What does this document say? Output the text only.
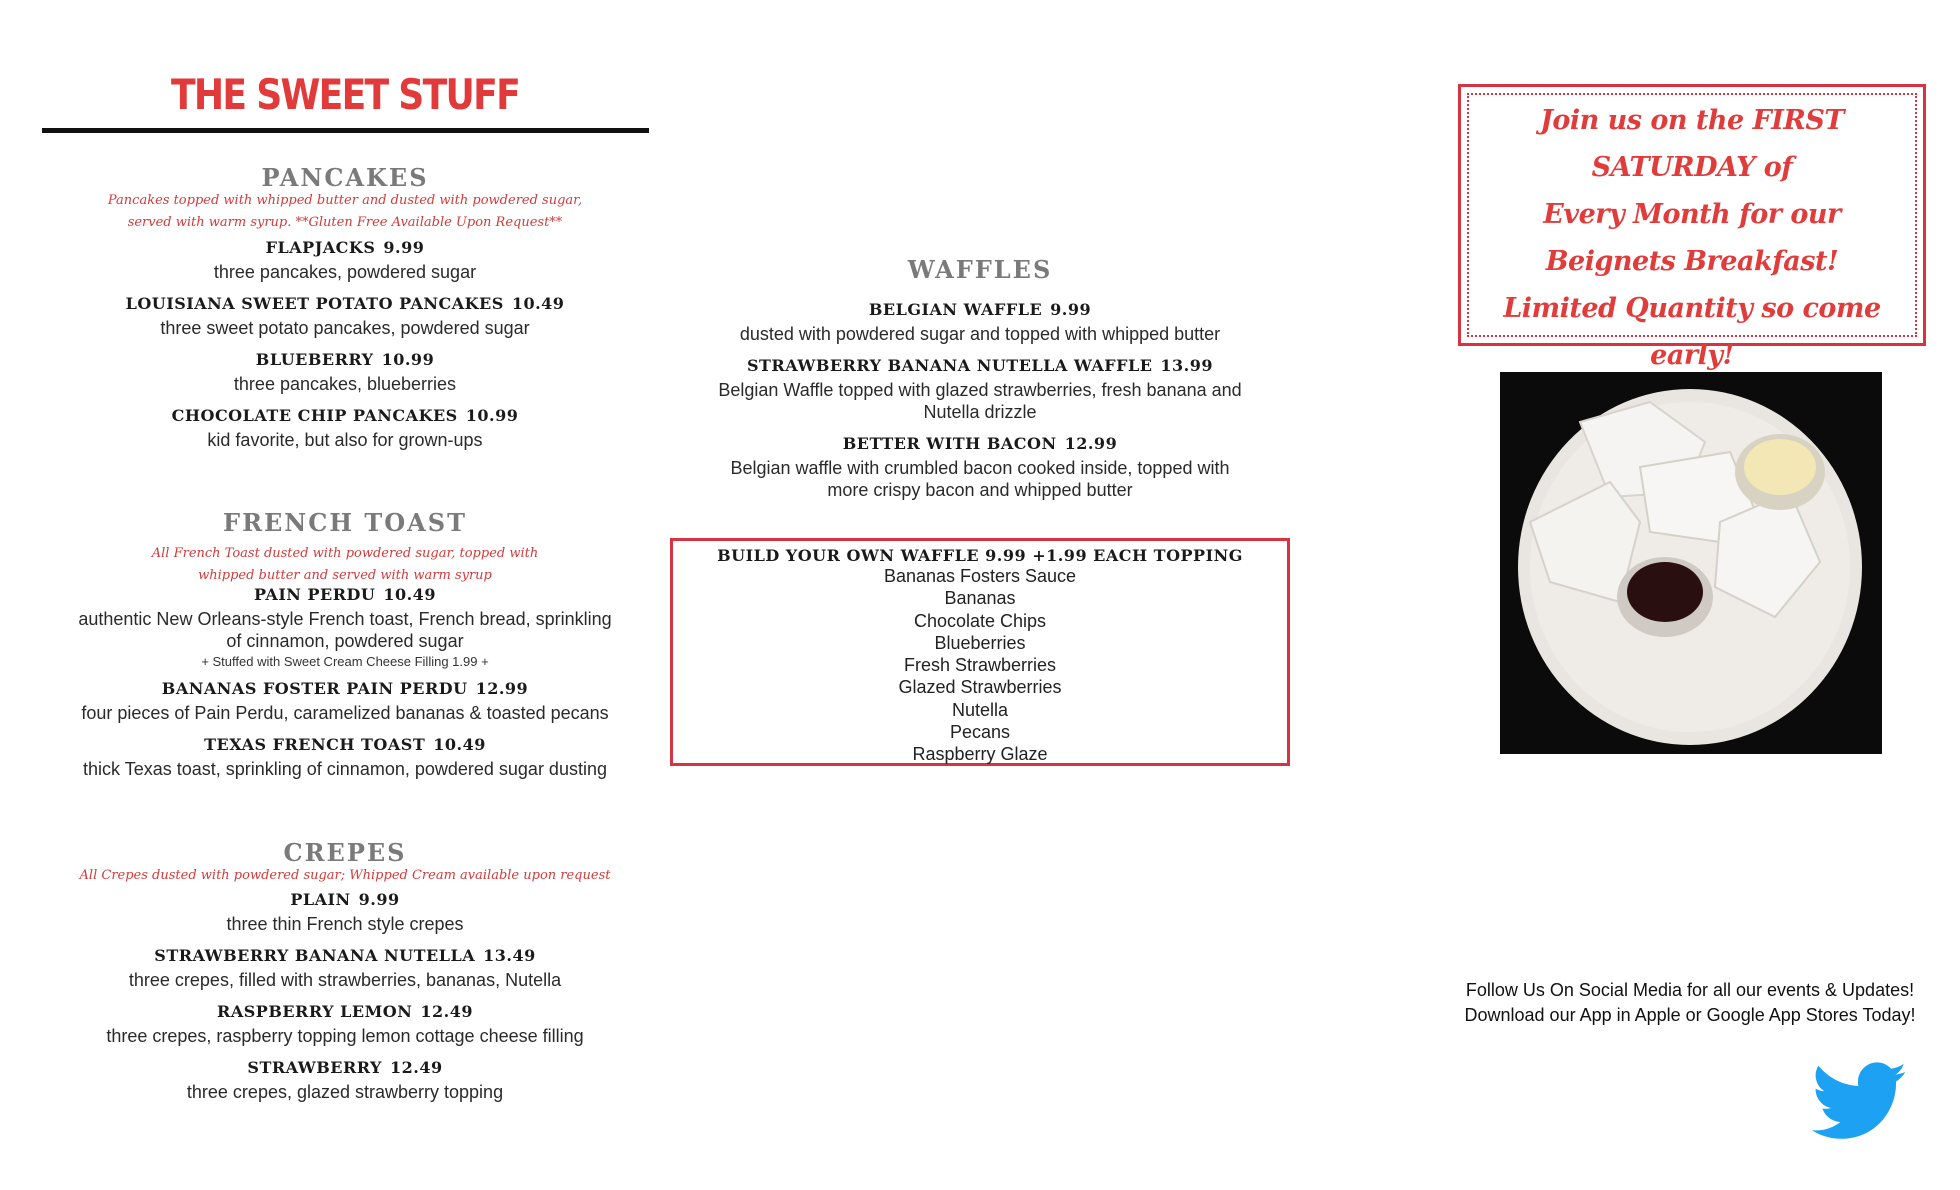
THE SWEET STUFF
PANCAKES
Pancakes topped with whipped butter and dusted with powdered sugar,
served with warm syrup. **Gluten Free Available Upon Request**
FLAPJACKS 9.99
three pancakes, powdered sugar
LOUISIANA SWEET POTATO PANCAKES 10.49
three sweet potato pancakes, powdered sugar
BLUEBERRY 10.99
three pancakes, blueberries
CHOCOLATE CHIP PANCAKES 10.99
kid favorite, but also for grown-ups
FRENCH TOAST
All French Toast dusted with powdered sugar, topped with
whipped butter and served with warm syrup
PAIN PERDU 10.49
authentic New Orleans-style French toast, French bread, sprinkling
of cinnamon, powdered sugar
+ Stuffed with Sweet Cream Cheese Filling 1.99 +
BANANAS FOSTER PAIN PERDU 12.99
four pieces of Pain Perdu, caramelized bananas & toasted pecans
TEXAS FRENCH TOAST 10.49
thick Texas toast, sprinkling of cinnamon, powdered sugar dusting
CREPES
All Crepes dusted with powdered sugar; Whipped Cream available upon request
PLAIN 9.99
three thin French style crepes
STRAWBERRY BANANA NUTELLA 13.49
three crepes, filled with strawberries, bananas, Nutella
RASPBERRY LEMON 12.49
three crepes, raspberry topping lemon cottage cheese filling
STRAWBERRY 12.49
three crepes, glazed strawberry topping
WAFFLES
BELGIAN WAFFLE 9.99
dusted with powdered sugar and topped with whipped butter
STRAWBERRY BANANA NUTELLA WAFFLE 13.99
Belgian Waffle topped with glazed strawberries, fresh banana and
Nutella drizzle
BETTER WITH BACON 12.99
Belgian waffle with crumbled bacon cooked inside, topped with
more crispy bacon and whipped butter
BUILD YOUR OWN WAFFLE 9.99 +1.99 EACH TOPPING
Bananas Fosters Sauce
Bananas
Chocolate Chips
Blueberries
Fresh Strawberries
Glazed Strawberries
Nutella
Pecans
Raspberry Glaze
Join us on the FIRST SATURDAY of
Every Month for our
Beignets Breakfast!
Limited Quantity so come early!
Follow Us On Social Media for all our events & Updates!
Download our App in Apple or Google App Stores Today!
